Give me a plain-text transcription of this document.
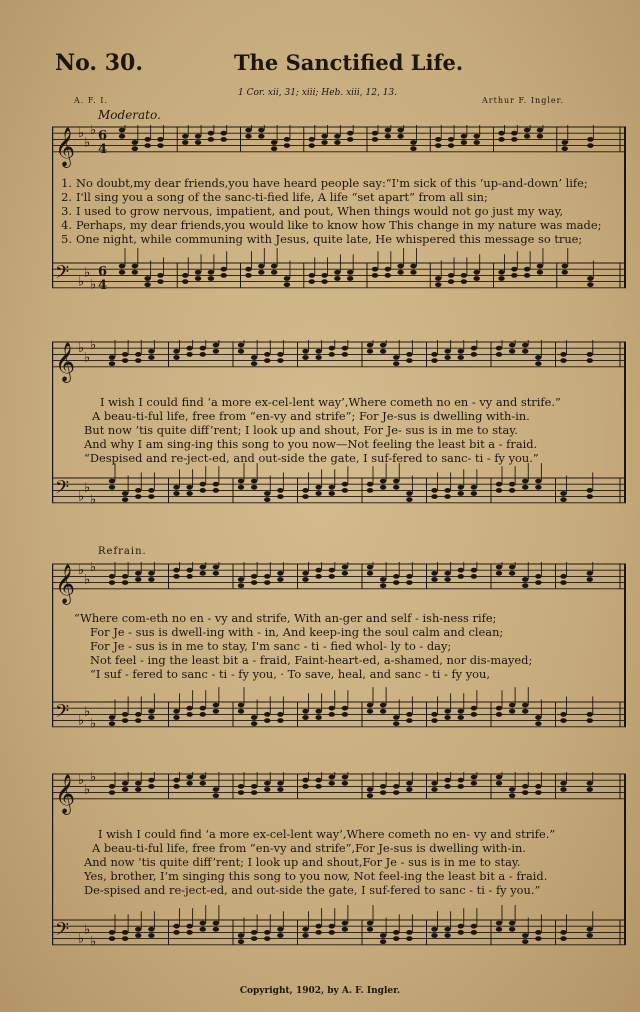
No. 30.	The Sanctified Life.
1 Cor. xii, 31; xiii; Heb. xiii, 12, 13.
A. F. I.	Arthur F. Ingler.
Moderato.
Refrain.
𝄞 ♭
♭
♭ 6
4
𝄢 ♭
♭
♭
6
4
1. No doubt,my dear friends,you have heard people say:“I'm sick of this ‘up-and-down’ life;
2. I'll sing you a song of the sanc-ti-fied life, A life “set apart” from all sin;
3. I used to grow nervous, impatient, and pout, When things would not go just my way,
4. Perhaps, my dear friends,you would like to know how This change in my nature was made;
5. One night, while communing with Jesus, quite late, He whispered this message so true;
𝄞 ♭
♭
♭
𝄢 ♭
♭
♭
I wish I could find ‘a more ex-cel-lent way’,Where cometh no en - vy and strife.”
A beau-ti-ful life, free from “en-vy and strife”; For Je-sus is dwelling with-in.
But now ’tis quite diff’rent; I look up and shout, For Je- sus is in me to stay.
And why I am sing-ing this song to you now—Not feeling the least bit a - fraid.
“Despised and re-ject-ed, and out-side the gate, I suf-fered to sanc- ti - fy you.”
𝄞 ♭
♭
♭
𝄢 ♭
♭
♭
“Where com-eth no en - vy and strife, With an-ger and self - ish-ness rife;
For Je - sus is dwell-ing with - in, And keep-ing the soul calm and clean;
For Je - sus is in me to stay, I'm sanc - ti - fied whol- ly to - day;
Not feel - ing the least bit a - fraid, Faint-heart-ed, a-shamed, nor dis-mayed;
“I suf - fered to sanc - ti - fy you, · To save, heal, and sanc - ti - fy you,
𝄞 ♭
♭
♭
𝄢 ♭
♭
♭
I wish I could find ‘a more ex-cel-lent way’,Where cometh no en- vy and strife.”
A beau-ti-ful life, free from “en-vy and strife”,For Je-sus is dwelling with-in.
And now ’tis quite diff’rent; I look up and shout,For Je - sus is in me to stay.
Yes, brother, I’m singing this song to you now, Not feel-ing the least bit a - fraid.
De-spised and re-ject-ed, and out-side the gate, I suf-fered to sanc - ti - fy you.”
Copyright, 1902, by A. F. Ingler.
